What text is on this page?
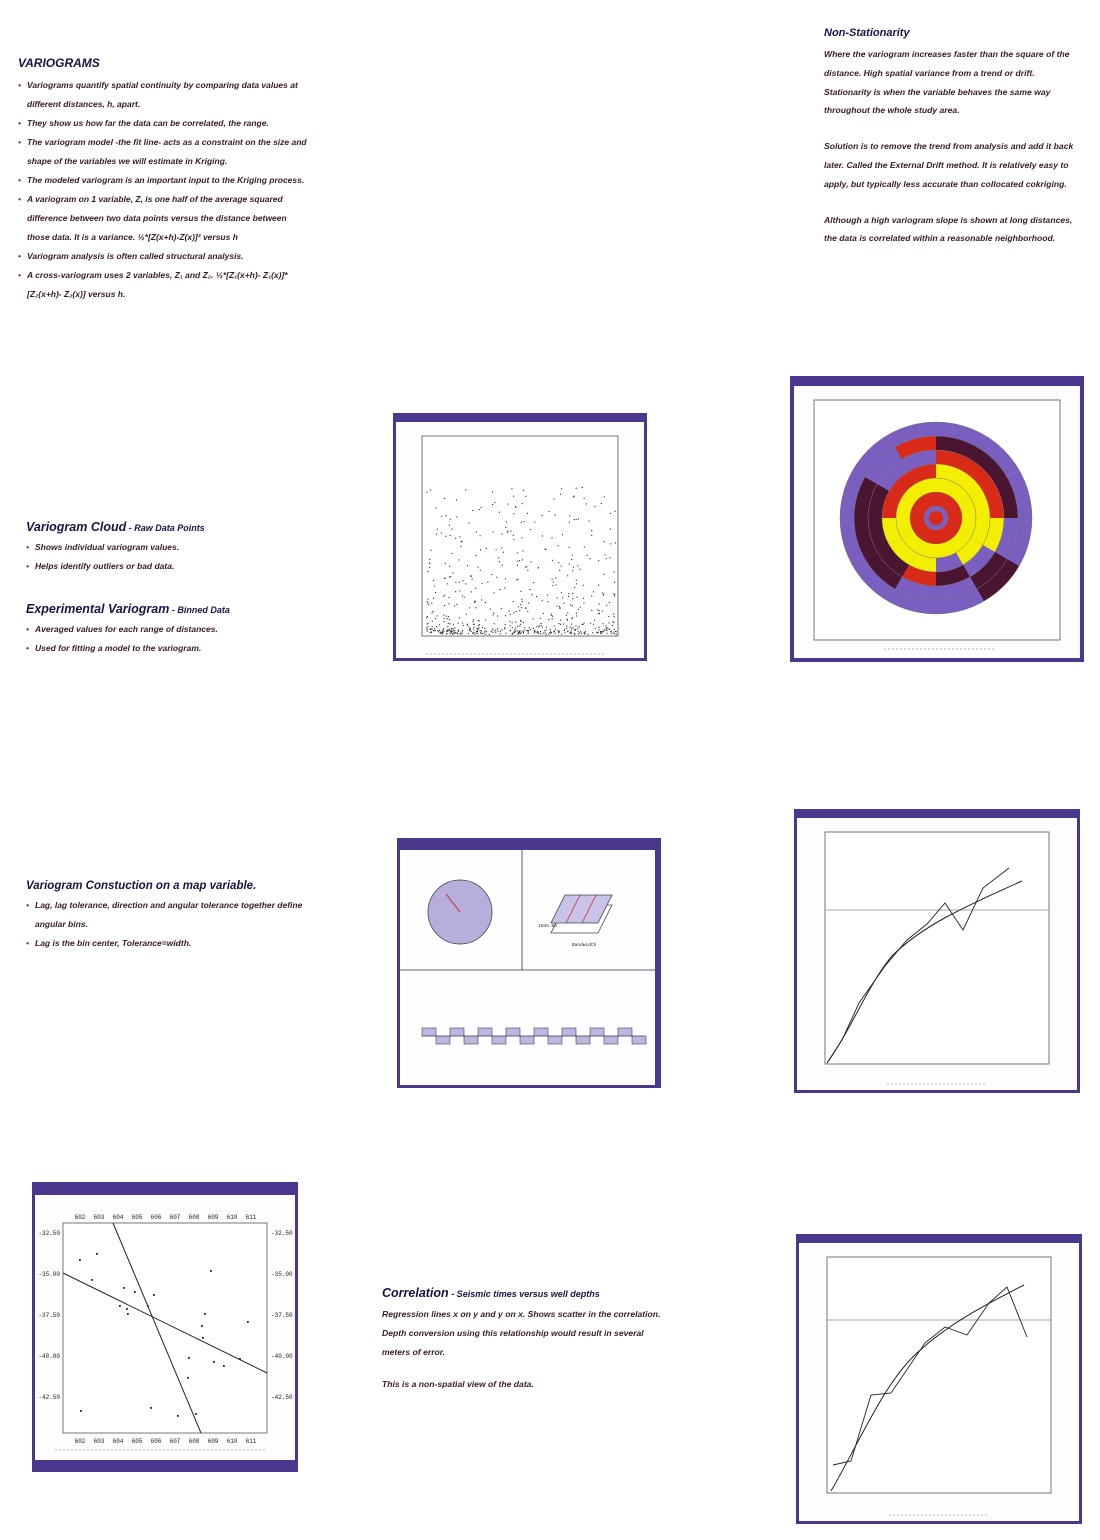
VARIOGRAMS
• Variograms quantify spatial continuity by comparing data values at different distances, h, apart.
• They show us how far the data can be correlated, the range.
• The variogram model -the fit line- acts as a constraint on the size and shape of the variables we will estimate in Kriging.
• The modeled variogram is an important input to the Kriging process.
• A variogram on 1 variable, Z, is one half of the average squared difference between two data points versus the distance between those data. It is a variance. ½*[Z(x+h)-Z(x)]² versus h
• Variogram analysis is often called structural analysis.
• A cross-variogram uses 2 variables, Z₁ and Z₂. ½*[Z₁(x+h)- Z₁(x)]*[Z₂(x+h)- Z₂(x)] versus h.
Non-Stationarity

Where the variogram increases faster than the square of the distance. High spatial variance from a trend or drift. Stationarity is when the variable behaves the same way throughout the whole study area.

Solution is to remove the trend from analysis and add it back later. Called the External Drift method. It is relatively easy to apply, but typically less accurate than collocated cokriging.

Although a high variogram slope is shown at long distances, the data is correlated within a reasonable neighborhood.

Variogram Cloud - Raw Data Points
• Shows individual variogram values.
• Helps identify outliers or bad data.
Experimental Variogram - Binned Data
• Averaged values for each range of distances.
• Used for fitting a model to the variogram.
Variogram Constuction on a map variable.
• Lag, lag tolerance, direction and angular tolerance together define angular bins.
• Lag is the bin center, Tolerance=width.
Correlation - Seismic times versus well depths

Regression lines x on y and y on x. Shows scatter in the correlation. Depth conversion using this relationship would result in several meters of error.

This is a non-spatial view of the data.

1034.04
Bandwidth
602
602
603
603
604
604
605
605
606
606
607
607
608
608
609
609
610
610
611
611
-32.50	-32.50
-35.00	-35.00
-37.50	-37.50
-40.00	-40.00
-42.50	-42.50
